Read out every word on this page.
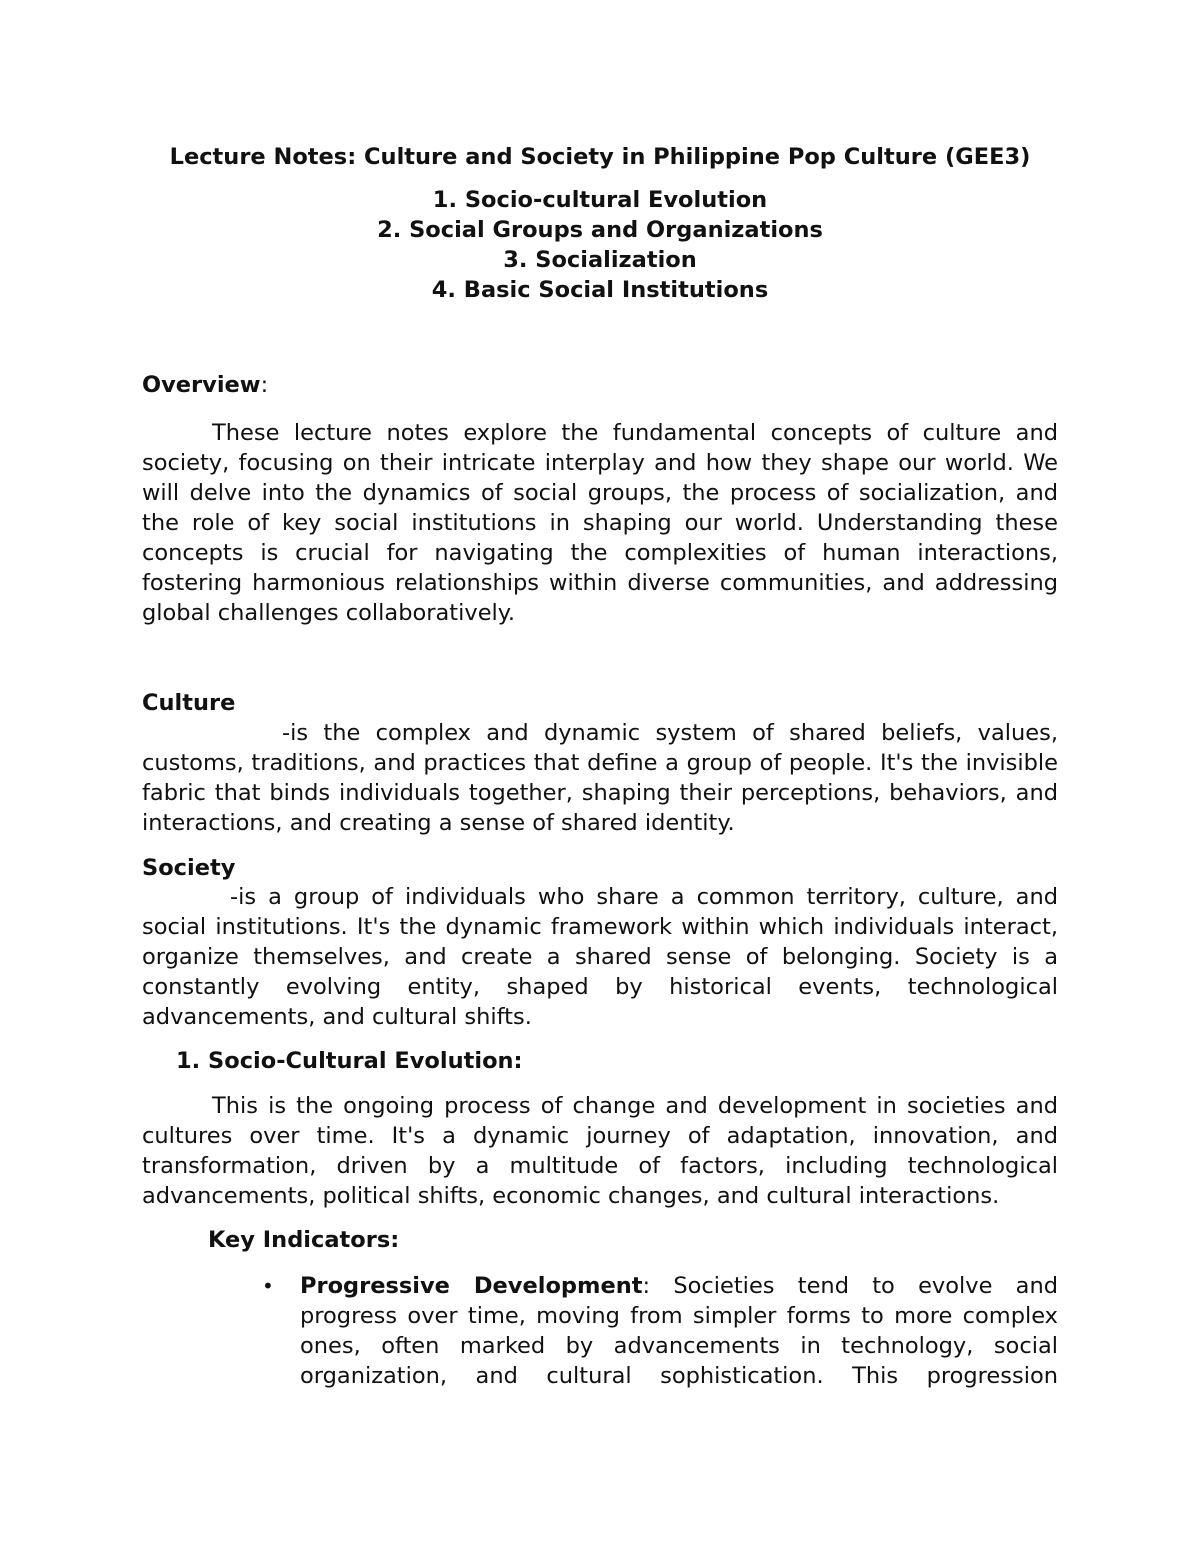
Lecture Notes: Culture and Society in Philippine Pop Culture (GEE3)
1. Socio-cultural Evolution
2. Social Groups and Organizations
3. Socialization
4. Basic Social Institutions
Overview:

These lecture notes explore the fundamental concepts of culture and society, focusing on their intricate interplay and how they shape our world. We will delve into the dynamics of social groups, the process of socialization, and the role of key social institutions in shaping our world. Understanding these concepts is crucial for navigating the complexities of human interactions, fostering harmonious relationships within diverse communities, and addressing global challenges collaboratively.

Culture

-is the complex and dynamic system of shared beliefs, values, customs, traditions, and practices that define a group of people. It's the invisible fabric that binds individuals together, shaping their perceptions, behaviors, and interactions, and creating a sense of shared identity.

Society

-is a group of individuals who share a common territory, culture, and social institutions. It's the dynamic framework within which individuals interact, organize themselves, and create a shared sense of belonging. Society is a constantly evolving entity, shaped by historical events, technological advancements, and cultural shifts.

1. Socio-Cultural Evolution:

This is the ongoing process of change and development in societies and cultures over time. It's a dynamic journey of adaptation, innovation, and transformation, driven by a multitude of factors, including technological advancements, political shifts, economic changes, and cultural interactions.

Key Indicators:
• Progressive Development: Societies tend to evolve and progress over time, moving from simpler forms to more complex ones, often marked by advancements in technology, social organization, and cultural sophistication. This progression
